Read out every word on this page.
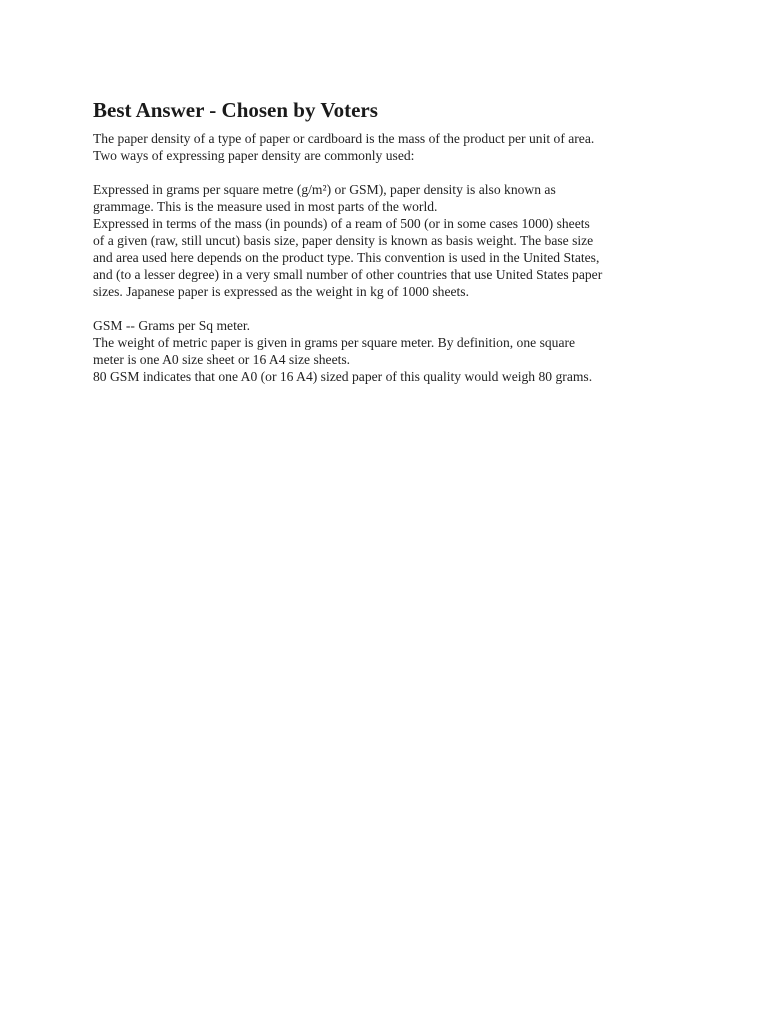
Best Answer - Chosen by Voters

The paper density of a type of paper or cardboard is the mass of the product per unit of area.
Two ways of expressing paper density are commonly used:

Expressed in grams per square metre (g/m²) or GSM), paper density is also known as
grammage. This is the measure used in most parts of the world.
Expressed in terms of the mass (in pounds) of a ream of 500 (or in some cases 1000) sheets
of a given (raw, still uncut) basis size, paper density is known as basis weight. The base size
and area used here depends on the product type. This convention is used in the United States,
and (to a lesser degree) in a very small number of other countries that use United States paper
sizes. Japanese paper is expressed as the weight in kg of 1000 sheets.

GSM -- Grams per Sq meter.
The weight of metric paper is given in grams per square meter. By definition, one square
meter is one A0 size sheet or 16 A4 size sheets.
80 GSM indicates that one A0 (or 16 A4) sized paper of this quality would weigh 80 grams.
